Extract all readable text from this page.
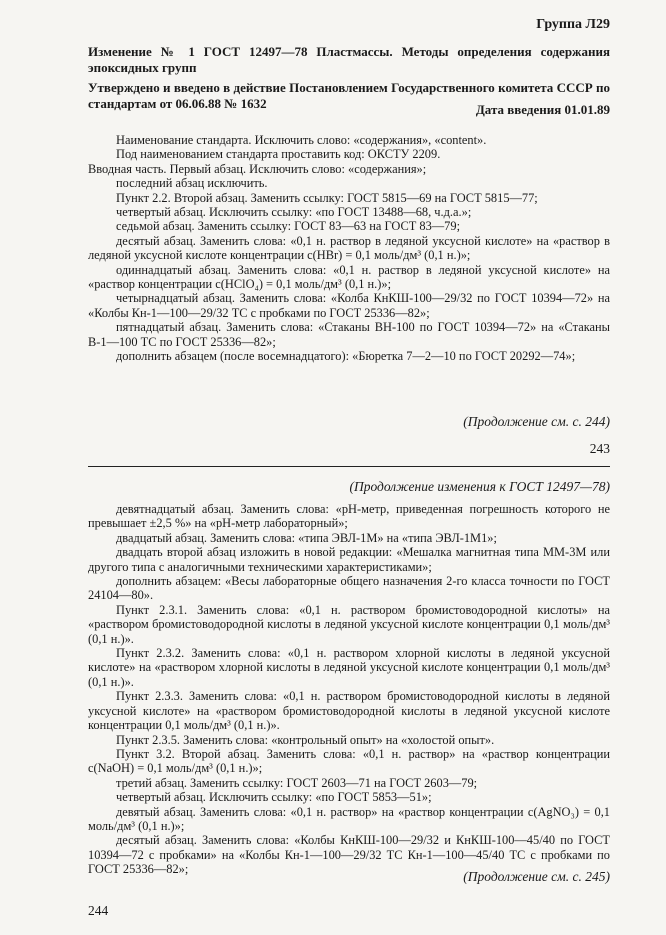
Группа Л29
Изменение № 1 ГОСТ 12497—78 Пластмассы. Методы определения содержания эпоксидных групп
Утверждено и введено в действие Постановлением Государственного комитета СССР по стандартам от 06.06.88 № 1632	Дата введения 01.01.89

Наименование стандарта. Исключить слово: «содержания», «content».

Под наименованием стандарта проставить код: ОКСТУ 2209.

Вводная часть. Первый абзац. Исключить слово: «содержания»;

последний абзац исключить.

Пункт 2.2. Второй абзац. Заменить ссылку: ГОСТ 5815—69 на ГОСТ 5815—77;

четвертый абзац. Исключить ссылку: «по ГОСТ 13488—68, ч.д.а.»;

седьмой абзац. Заменить ссылку: ГОСТ 83—63 на ГОСТ 83—79;

десятый абзац. Заменить слова: «0,1 н. раствор в ледяной уксусной кислоте» на «раствор в ледяной уксусной кислоте концентрации c(HBr) = 0,1 моль/дм³ (0,1 н.)»;

одиннадцатый абзац. Заменить слова: «0,1 н. раствор в ледяной уксусной кислоте» на «раствор концентрации c(HClO₄) = 0,1 моль/дм³ (0,1 н.)»;

четырнадцатый абзац. Заменить слова: «Колба КнКШ-100—29/32 по ГОСТ 10394—72» на «Колбы Кн-1—100—29/32 ТС с пробками по ГОСТ 25336—82»;

пятнадцатый абзац. Заменить слова: «Стаканы ВН-100 по ГОСТ 10394—72» на «Стаканы В-1—100 ТС по ГОСТ 25336—82»;

дополнить абзацем (после восемнадцатого): «Бюретка 7—2—10 по ГОСТ 20292—74»;

(Продолжение см. с. 244)
243
(Продолжение изменения к ГОСТ 12497—78)

девятнадцатый абзац. Заменить слова: «рН-метр, приведенная погрешность которого не превышает ±2,5 %» на «рН-метр лабораторный»;

двадцатый абзац. Заменить слова: «типа ЭВЛ-1М» на «типа ЭВЛ-1М1»;

двадцать второй абзац изложить в новой редакции: «Мешалка магнитная типа ММ-3М или другого типа с аналогичными техническими характеристиками»;

дополнить абзацем: «Весы лабораторные общего назначения 2-го класса точности по ГОСТ 24104—80».

Пункт 2.3.1. Заменить слова: «0,1 н. раствором бромистоводородной кислоты» на «раствором бромистоводородной кислоты в ледяной уксусной кислоте концентрации 0,1 моль/дм³ (0,1 н.)».

Пункт 2.3.2. Заменить слова: «0,1 н. раствором хлорной кислоты в ледяной уксусной кислоте» на «раствором хлорной кислоты в ледяной уксусной кислоте концентрации 0,1 моль/дм³ (0,1 н.)».

Пункт 2.3.3. Заменить слова: «0,1 н. раствором бромистоводородной кислоты в ледяной уксусной кислоте» на «раствором бромистоводородной кислоты в ледяной уксусной кислоте концентрации 0,1 моль/дм³ (0,1 н.)».

Пункт 2.3.5. Заменить слова: «контрольный опыт» на «холостой опыт».

Пункт 3.2. Второй абзац. Заменить слова: «0,1 н. раствор» на «раствор концентрации c(NaOH) = 0,1 моль/дм³ (0,1 н.)»;

третий абзац. Заменить ссылку: ГОСТ 2603—71 на ГОСТ 2603—79;

четвертый абзац. Исключить ссылку: «по ГОСТ 5853—51»;

девятый абзац. Заменить слова: «0,1 н. раствор» на «раствор концентрации c(AgNO₃) = 0,1 моль/дм³ (0,1 н.)»;

десятый абзац. Заменить слова: «Колбы КнКШ-100—29/32 и КнКШ-100—45/40 по ГОСТ 10394—72 с пробками» на «Колбы Кн-1—100—29/32 ТС Кн-1—100—45/40 ТС с пробками по ГОСТ 25336—82»;	(Продолжение см. с. 245)
244
